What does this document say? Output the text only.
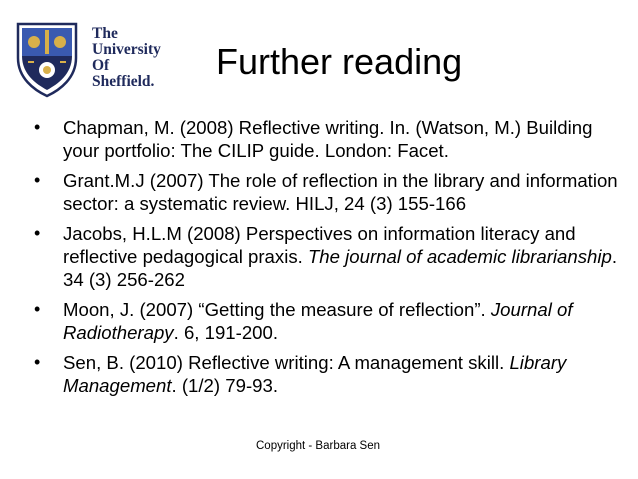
The
University
Of
Sheffield. Further reading
• Chapman, M. (2008) Reflective writing. In. (Watson, M.) Building your portfolio: The CILIP guide. London: Facet.
• Grant.M.J (2007) The role of reflection in the library and information sector: a systematic review. HILJ, 24 (3) 155-166
• Jacobs, H.L.M (2008) Perspectives on information literacy and reflective pedagogical praxis. The journal of academic librarianship. 34 (3) 256-262
• Moon, J. (2007) “Getting the measure of reflection”. Journal of Radiotherapy. 6, 191-200.
• Sen, B. (2010) Reflective writing: A management skill. Library Management. (1/2) 79-93.
Copyright - Barbara Sen
